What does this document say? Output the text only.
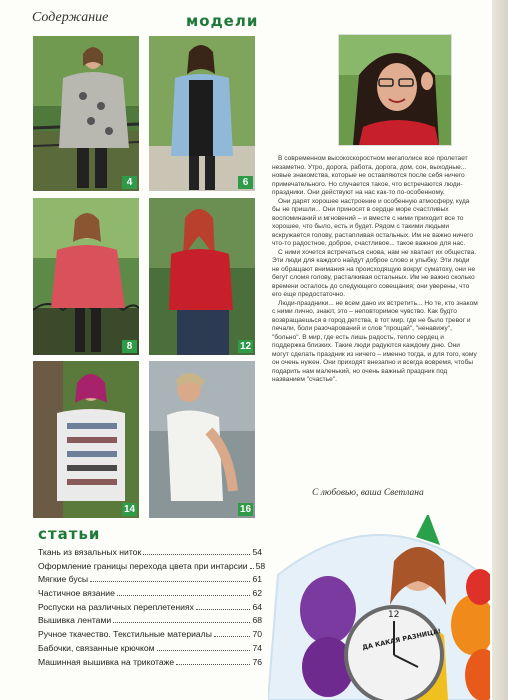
Содержание	модели
4	6
8	12
14	16

В современном высокоскоростном мегаполисе все пролетает незаметно. Утро, дорога, работа, дорога, дом, сон, выходные... новые знакомства, которые не оставляются после себя ничего примечательного. Но случается такое, что встречаются люди-праздники. Они действуют на нас как-то по-особенному.

Они дарят хорошее настроение и особенную атмосферу, куда бы не пришли... Они приносят в сердце море счастливых воспоминаний и мгновений – и вместе с ними приходит все то хорошее, что было, есть и будет. Рядом с такими людьми вскружается голову, растапливая остальных. Им не важно ничего что-то радостное, доброе, счастливое... такое важное для нас.

С ними хочется встречаться снова, нам не хватает их общества. Эти люди для каждого найдут доброе слово и улыбку. Эти люди не обращают внимания на происходящую вокруг суматоху, они не бегут сломя голову, расталкивая остальных. Им не важно сколько времени осталось до следующего совещания; они уверены, что его еще предостаточно.

Люди-праздники... не всем дано их встретить... Но те, кто знаком с ними лично, знают, это – неповторимое чувство. Как будто возвращаешься в город детства, в тот мир, где не было тревог и печали, боли разочарований и слов "прощай", "ненавижу", "больно". В мир, где есть лишь радость, тепло сердец и поддержка близких. Такие люди радуются каждому дню. Они могут сделать праздник из ничего – именно тогда, и для того, кому он очень нужен. Они приходят внезапно и всегда вовремя, чтобы подарить нам маленький, но очень важный праздник под названием "счастье".

С любовью, ваша Светлана
статьи
Ткань из вязальных ниток	54
Оформление границы перехода цвета при интарсии 58
Мягкие бусы	61
Частичное вязание	62
Роспуски на различных переплетениях	64
Вышивка лентами	68
Ручное ткачество. Текстильные материалы	70
Бабочки, связанные крючком	74
Машинная вышивка на трикотаже	76
12
ДА КАКАЯ РАЗНИЦА!
